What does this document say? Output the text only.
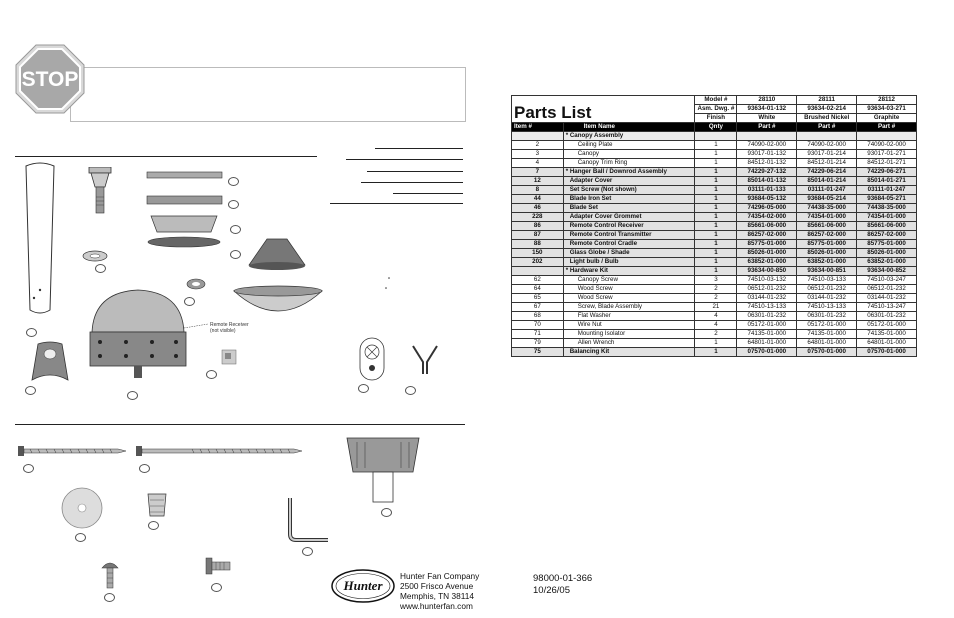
STOP
Remote Receiver
(not visible)
Hunter
Hunter Fan Company
2500 Frisco Avenue
Memphis, TN 38114
www.hunterfan.com
Parts List		Model #	28110	28111	28112
		Asm. Dwg. #	93634-01-132	93634-02-214	93634-03-271
		Finish	White	Brushed Nickel	Graphite
Item #	Item Name	Qnty	Part #	Part #	Part #
	* Canopy Assembly				
2	Ceiling Plate	1	74090-02-000	74090-02-000	74090-02-000
3	Canopy	1	93017-01-132	93017-01-214	93017-01-271
4	Canopy Trim Ring	1	84512-01-132	84512-01-214	84512-01-271
7	* Hanger Ball / Downrod Assembly	1	74229-27-132	74229-06-214	74229-06-271
12	Adapter Cover	1	85014-01-132	85014-01-214	85014-01-271
8	Set Screw (Not shown)	1	03111-01-133	03111-01-247	03111-01-247
44	Blade Iron Set	1	93684-05-132	93684-05-214	93684-05-271
46	Blade Set	1	74296-05-000	74438-35-000	74438-35-000
228	Adapter Cover Grommet	1	74354-02-000	74354-01-000	74354-01-000
86	Remote Control Receiver	1	85661-06-000	85661-06-000	85661-06-000
87	Remote Control Transmitter	1	86257-02-000	86257-02-000	86257-02-000
88	Remote Control Cradle	1	85775-01-000	85775-01-000	85775-01-000
150	Glass Globe / Shade	1	85026-01-000	85026-01-000	85026-01-000
202	Light bulb / Bulb	1	63852-01-000	63852-01-000	63852-01-000
	* Hardware Kit	1	93634-00-850	93634-00-851	93634-00-852
62	Canopy Screw	3	74510-03-132	74510-03-133	74510-03-247
64	Wood Screw	2	06512-01-232	06512-01-232	06512-01-232
65	Wood Screw	2	03144-01-232	03144-01-232	03144-01-232
67	Screw, Blade Assembly	21	74510-13-133	74510-13-133	74510-13-247
68	Flat Washer	4	06301-01-232	06301-01-232	06301-01-232
70	Wire Nut	4	05172-01-000	05172-01-000	05172-01-000
71	Mounting Isolator	2	74135-01-000	74135-01-000	74135-01-000
79	Allen Wrench	1	64801-01-000	64801-01-000	64801-01-000
75	Balancing Kit	1	07570-01-000	07570-01-000	07570-01-000
98000-01-366
10/26/05
